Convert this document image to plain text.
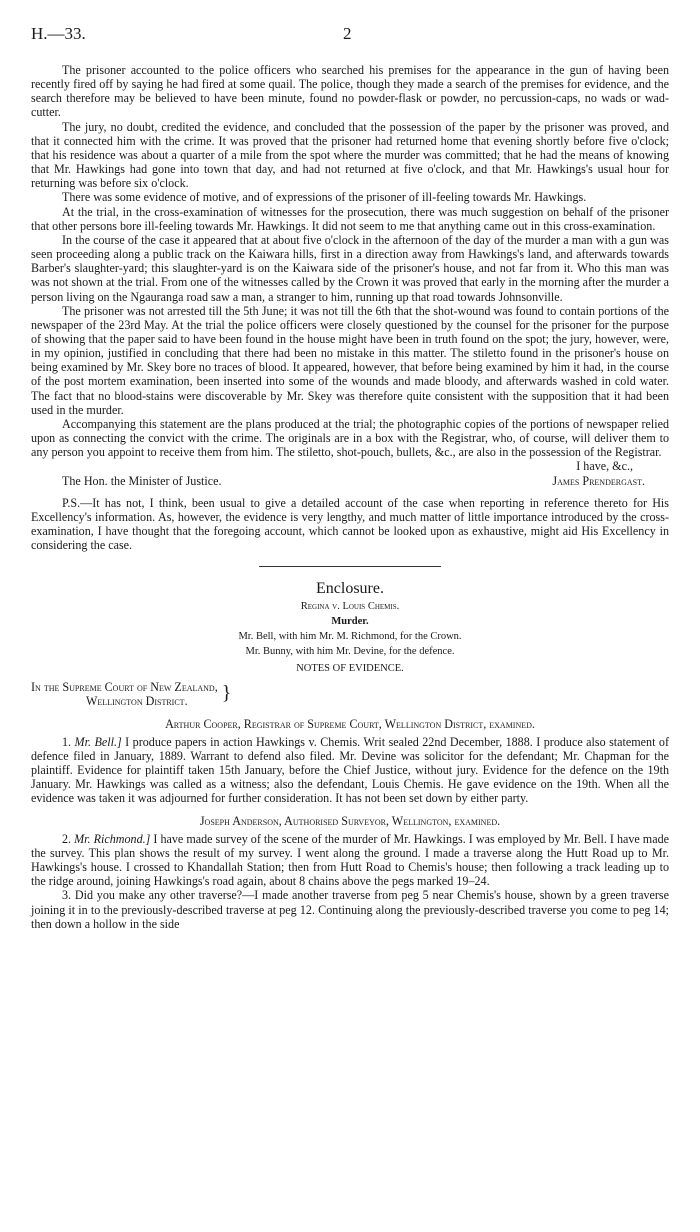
H.—33.	2

The prisoner accounted to the police officers who searched his premises for the appearance in the gun of having been recently fired off by saying he had fired at some quail. The police, though they made a search of the premises for evidence, and the search therefore may be believed to have been minute, found no powder-flask or powder, no percussion-caps, no wads or wad-cutter.

The jury, no doubt, credited the evidence, and concluded that the possession of the paper by the prisoner was proved, and that it connected him with the crime. It was proved that the prisoner had returned home that evening shortly before five o'clock; that his residence was about a quarter of a mile from the spot where the murder was committed; that he had the means of knowing that Mr. Hawkings had gone into town that day, and had not returned at five o'clock, and that Mr. Hawkings's usual hour for returning was before six o'clock.

There was some evidence of motive, and of expressions of the prisoner of ill-feeling towards Mr. Hawkings.

At the trial, in the cross-examination of witnesses for the prosecution, there was much suggestion on behalf of the prisoner that other persons bore ill-feeling towards Mr. Hawkings. It did not seem to me that anything came out in this cross-examination.

In the course of the case it appeared that at about five o'clock in the afternoon of the day of the murder a man with a gun was seen proceeding along a public track on the Kaiwara hills, first in a direction away from Hawkings's land, and afterwards towards Barber's slaughter-yard; this slaughter-yard is on the Kaiwara side of the prisoner's house, and not far from it. Who this man was was not shown at the trial. From one of the witnesses called by the Crown it was proved that early in the morning after the murder a person living on the Ngauranga road saw a man, a stranger to him, running up that road towards Johnsonville.

The prisoner was not arrested till the 5th June; it was not till the 6th that the shot-wound was found to contain portions of the newspaper of the 23rd May. At the trial the police officers were closely questioned by the counsel for the prisoner for the purpose of showing that the paper said to have been found in the house might have been in truth found on the spot; the jury, however, were, in my opinion, justified in concluding that there had been no mistake in this matter. The stiletto found in the prisoner's house on being examined by Mr. Skey bore no traces of blood. It appeared, however, that before being examined by him it had, in the course of the post mortem examination, been inserted into some of the wounds and made bloody, and afterwards washed in cold water. The fact that no blood-stains were discoverable by Mr. Skey was therefore quite consistent with the supposition that it had been used in the murder.

Accompanying this statement are the plans produced at the trial; the photographic copies of the portions of newspaper relied upon as connecting the convict with the crime. The originals are in a box with the Registrar, who, of course, will deliver them to any person you appoint to receive them from him. The stiletto, shot-pouch, bullets, &c., are also in the possession of the Registrar.

I have, &c.,
The Hon. the Minister of Justice.	James Prendergast.

P.S.—It has not, I think, been usual to give a detailed account of the case when reporting in reference thereto for His Excellency's information. As, however, the evidence is very lengthy, and much matter of little importance introduced by the cross-examination, I have thought that the foregoing account, which cannot be looked upon as exhaustive, might aid His Excellency in considering the case.

Enclosure.
Regina v. Louis Chemis.
Murder.
Mr. Bell, with him Mr. M. Richmond, for the Crown.
Mr. Bunny, with him Mr. Devine, for the defence.
NOTES OF EVIDENCE.
In the Supreme Court of New Zealand,
Wellington District.	}
Arthur Cooper, Registrar of Supreme Court, Wellington District, examined.

1. Mr. Bell.] I produce papers in action Hawkings v. Chemis. Writ sealed 22nd December, 1888. I produce also statement of defence filed in January, 1889. Warrant to defend also filed. Mr. Devine was solicitor for the defendant; Mr. Chapman for the plaintiff. Evidence for plaintiff taken 15th January, before the Chief Justice, without jury. Evidence for the defence on the 19th January. Mr. Hawkings was called as a witness; also the defendant, Louis Chemis. He gave evidence on the 19th. When all the evidence was taken it was adjourned for further consideration. It has not been set down by either party.

Joseph Anderson, Authorised Surveyor, Wellington, examined.

2. Mr. Richmond.] I have made survey of the scene of the murder of Mr. Hawkings. I was employed by Mr. Bell. I have made the survey. This plan shows the result of my survey. I went along the ground. I made a traverse along the Hutt Road up to Mr. Hawkings's house. I crossed to Khandallah Station; then from Hutt Road to Chemis's house; then following a track leading up to the ridge around, joining Hawkings's road again, about 8 chains above the pegs marked 19–24.

3. Did you make any other traverse?—I made another traverse from peg 5 near Chemis's house, shown by a green traverse joining it in to the previously-described traverse at peg 12. Continuing along the previously-described traverse you come to peg 14; then down a hollow in the side
